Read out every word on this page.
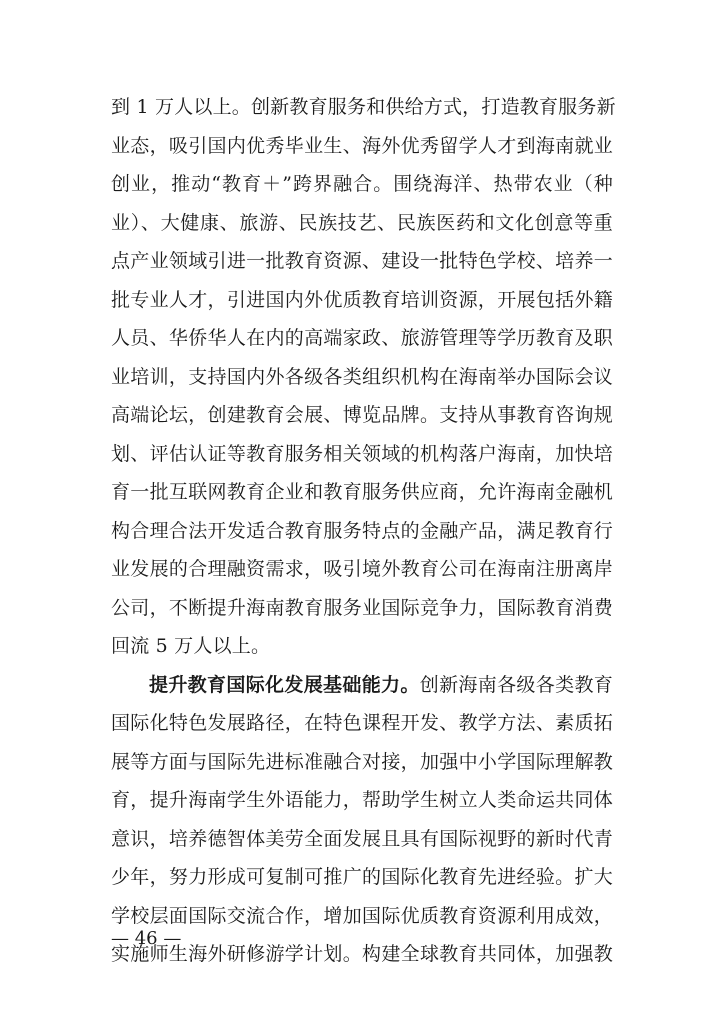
到 1 万人以上。创新教育服务和供给方式，打造教育服务新
业态，吸引国内优秀毕业生、海外优秀留学人才到海南就业
创业，推动“教育＋”跨界融合。围绕海洋、热带农业（种
业）、大健康、旅游、民族技艺、民族医药和文化创意等重
点产业领域引进一批教育资源、建设一批特色学校、培养一
批专业人才，引进国内外优质教育培训资源，开展包括外籍
人员、华侨华人在内的高端家政、旅游管理等学历教育及职
业培训，支持国内外各级各类组织机构在海南举办国际会议
高端论坛，创建教育会展、博览品牌。支持从事教育咨询规
划、评估认证等教育服务相关领域的机构落户海南，加快培
育一批互联网教育企业和教育服务供应商，允许海南金融机
构合理合法开发适合教育服务特点的金融产品，满足教育行
业发展的合理融资需求，吸引境外教育公司在海南注册离岸
公司，不断提升海南教育服务业国际竞争力，国际教育消费
回流 5 万人以上。
提升教育国际化发展基础能力。创新海南各级各类教育
国际化特色发展路径，在特色课程开发、教学方法、素质拓
展等方面与国际先进标准融合对接，加强中小学国际理解教
育，提升海南学生外语能力，帮助学生树立人类命运共同体
意识，培养德智体美劳全面发展且具有国际视野的新时代青
少年，努力形成可复制可推广的国际化教育先进经验。扩大
学校层面国际交流合作，增加国际优质教育资源利用成效，
实施师生海外研修游学计划。构建全球教育共同体，加强教
— 46 —
